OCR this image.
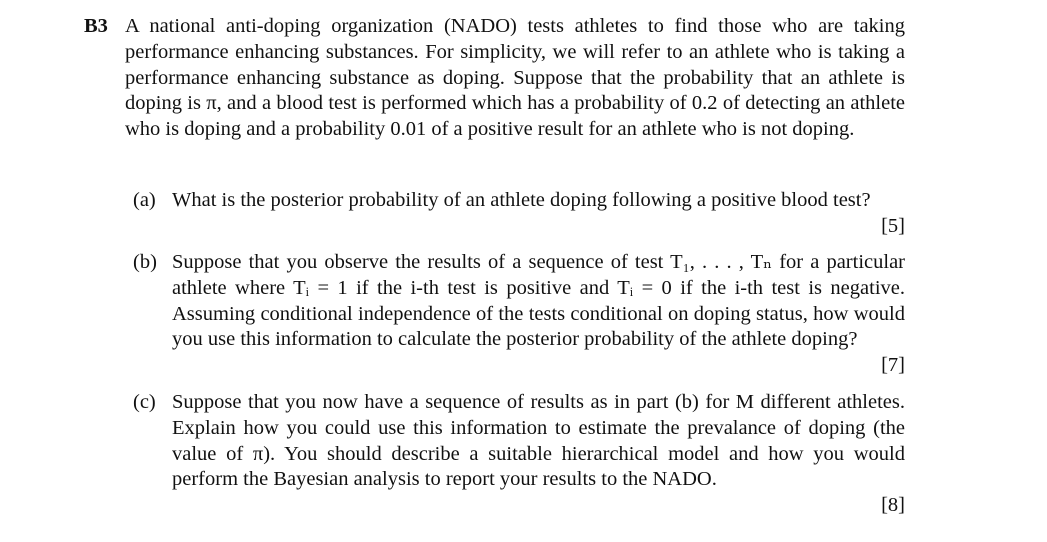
B3 A national anti-doping organization (NADO) tests athletes to find those who are taking performance enhancing substances. For simplicity, we will refer to an athlete who is taking a performance enhancing substance as doping. Suppose that the probability that an athlete is doping is π, and a blood test is performed which has a probability of 0.2 of detecting an athlete who is doping and a probability 0.01 of a positive result for an athlete who is not doping.
(a) What is the posterior probability of an athlete doping following a positive blood test?
[5]
(b) Suppose that you observe the results of a sequence of test T₁, . . . , Tₙ for a particular athlete where Tᵢ = 1 if the i-th test is positive and Tᵢ = 0 if the i-th test is negative. Assuming conditional independence of the tests conditional on doping status, how would you use this information to calculate the posterior probability of the athlete doping?
[7]
(c) Suppose that you now have a sequence of results as in part (b) for M different athletes. Explain how you could use this information to estimate the prevalance of doping (the value of π). You should describe a suitable hierarchical model and how you would perform the Bayesian analysis to report your results to the NADO.
[8]
